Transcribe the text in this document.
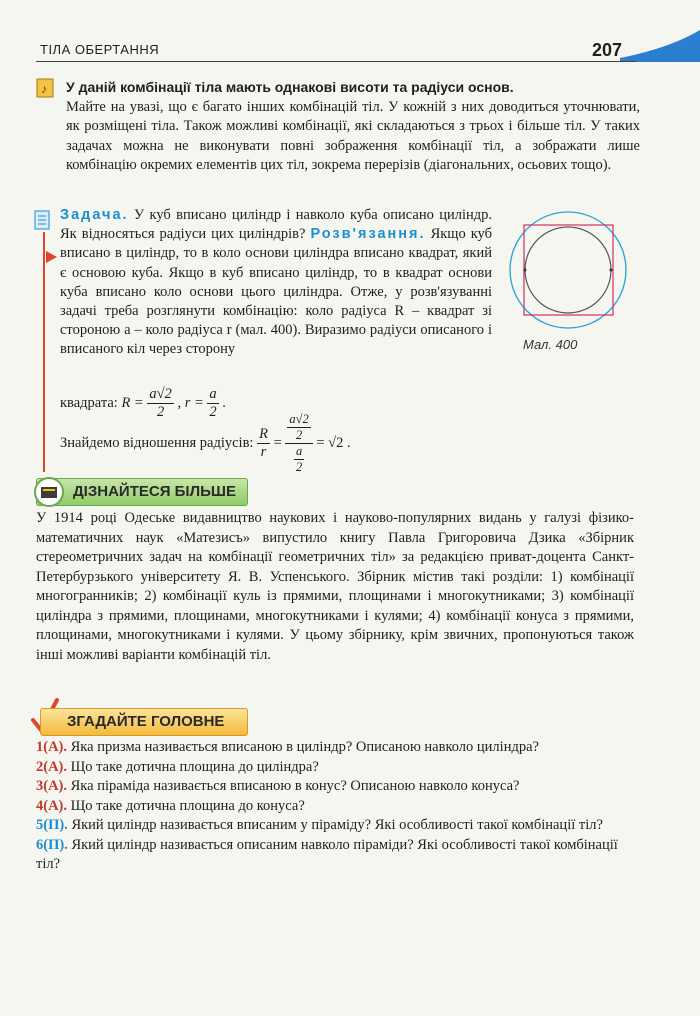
ТІЛА ОБЕРТАННЯ	207
♪ У даній комбінації тіла мають однакові висоти та радіуси основ.

Майте на увазі, що є багато інших комбінацій тіл. У кожній з них доводиться уточнювати, як розміщені тіла. Також можливі комбінації, які складаються з трьох і більше тіл. У таких задачах можна не виконувати повні зображення комбінації тіл, а зображати лише комбінацію окремих елементів цих тіл, зокрема перерізів (діагональних, осьових тощо).

Задача. У куб вписано циліндр і навколо куба описано циліндр. Як відносяться радіуси цих циліндрів? Розв'язання. Якщо куб вписано в циліндр, то в коло основи циліндра вписано квадрат, який є основою куба. Якщо в куб вписано циліндр, то в квадрат основи куба вписано коло основи цього циліндра. Отже, у розв'язуванні задачі треба розглянути комбінацію: коло радіуса R – квадрат зі стороною a – коло радіуса r (мал. 400). Виразимо радіуси описаного і вписаного кіл через сторону	Мал. 400
квадрата: $R = \frac{a√2}{2}$ , $r = \frac{a}{2}$ .
Знайдемо відношення радіусів: $\frac{R}{r} = \frac{\frac{a√2}{2}}{\frac{a}{2}} = √2$ .
ДІЗНАЙТЕСЯ БІЛЬШЕ
У 1914 році Одеське видавництво наукових і науково-популярних видань у галузі фізико-математичних наук «Матезисъ» випустило книгу Павла Григоровича Дзика «Збірник стереометричних задач на комбінації геометричних тіл» за редакцією приват-доцента Санкт-Петербурзького університету Я. В. Успенського. Збірник містив такі розділи: 1) комбінації многогранників; 2) комбінації куль із прямими, площинами і многокутниками; 3) комбінації циліндра з прямими, площинами, многокутниками і кулями; 4) комбінації конуса з прямими, площинами, многокутниками і кулями. У цьому збірнику, крім звичних, пропонуються також інші можливі варіанти комбінацій тіл.
ЗГАДАЙТЕ ГОЛОВНЕ
1(А). Яка призма називається вписаною в циліндр? Описаною навколо циліндра?
2(А). Що таке дотична площина до циліндра?
3(А). Яка піраміда називається вписаною в конус? Описаною навколо конуса?
4(А). Що таке дотична площина до конуса?
5(П). Який циліндр називається вписаним у піраміду? Які особливості такої комбінації тіл?
6(П). Який циліндр називається описаним навколо піраміди? Які особливості такої комбінації тіл?
